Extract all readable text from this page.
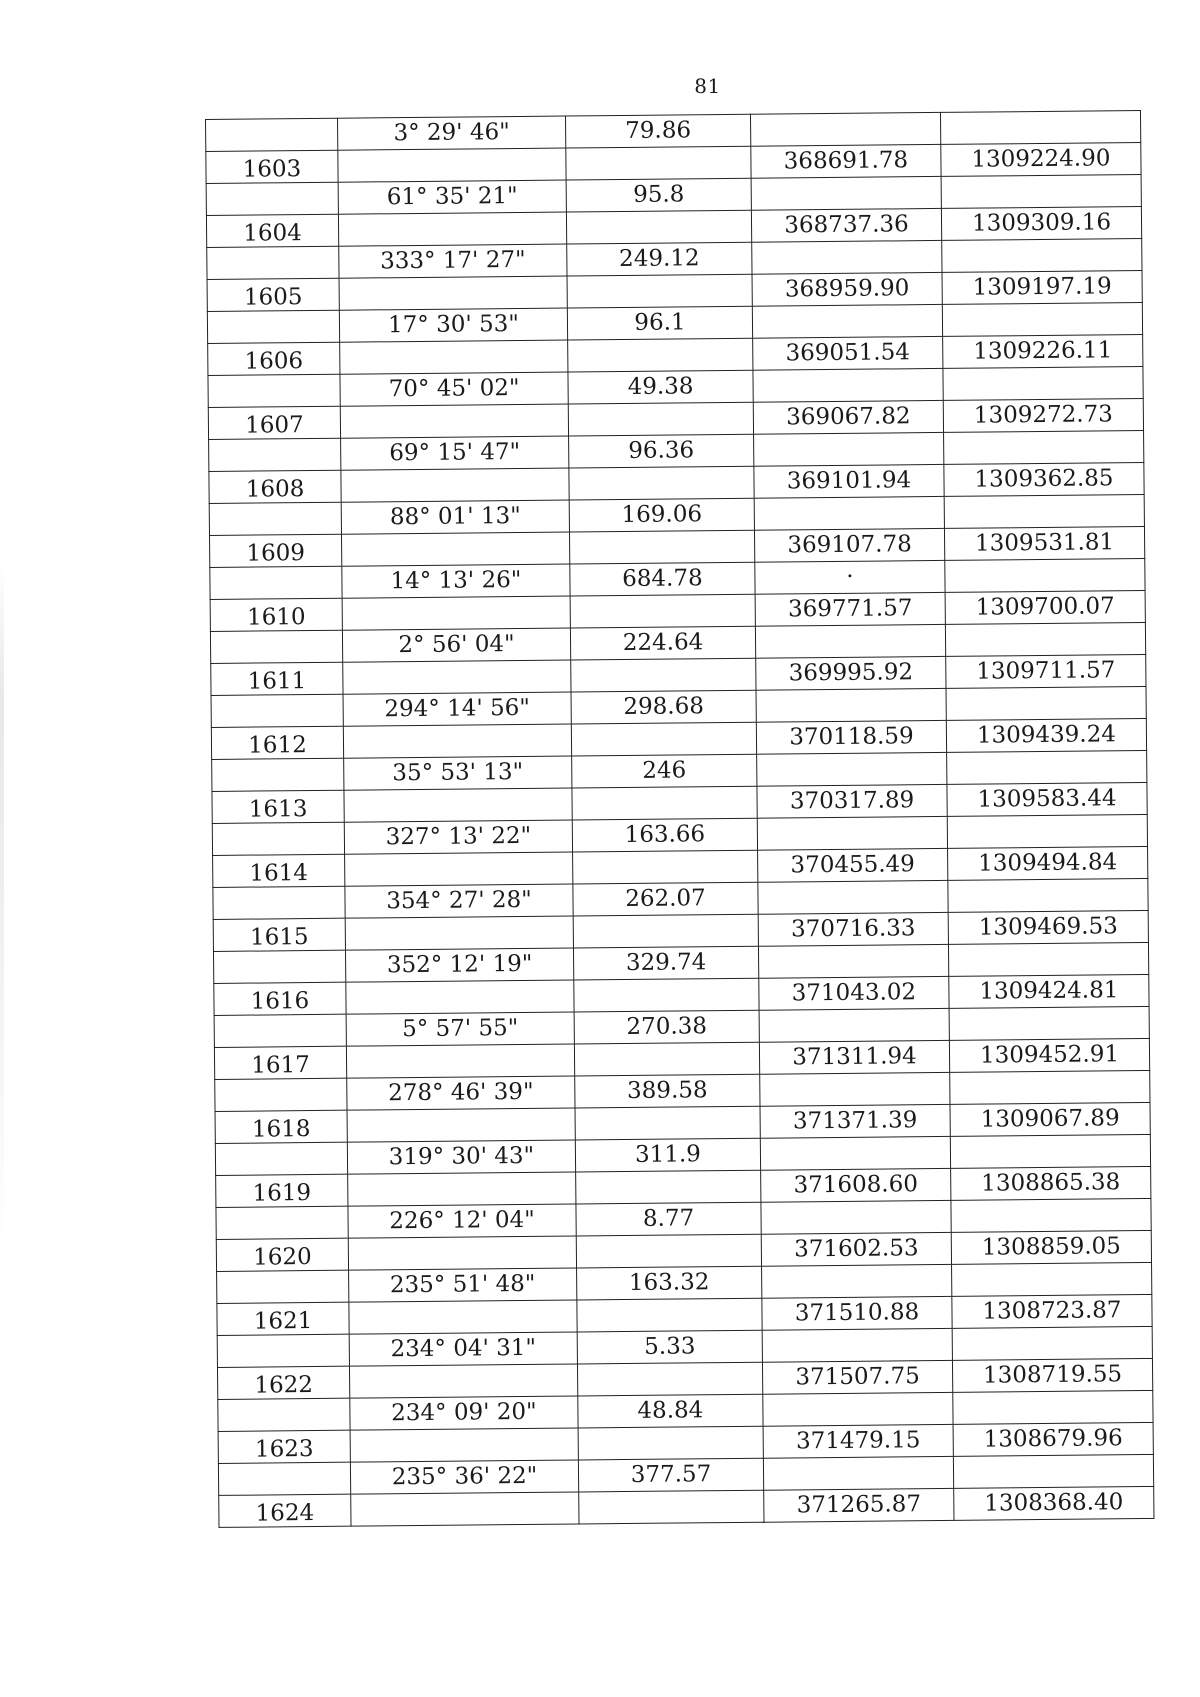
81
	3° 29' 46"	79.86		
1603			368691.78	1309224.90
	61° 35' 21"	95.8		
1604			368737.36	1309309.16
	333° 17' 27"	249.12		
1605			368959.90	1309197.19
	17° 30' 53"	96.1		
1606			369051.54	1309226.11
	70° 45' 02"	49.38		
1607			369067.82	1309272.73
	69° 15' 47"	96.36		
1608			369101.94	1309362.85
	88° 01' 13"	169.06		
1609			369107.78	1309531.81
	14° 13' 26"	684.78	·	
1610			369771.57	1309700.07
	2° 56' 04"	224.64		
1611			369995.92	1309711.57
	294° 14' 56"	298.68		
1612			370118.59	1309439.24
	35° 53' 13"	246		
1613			370317.89	1309583.44
	327° 13' 22"	163.66		
1614			370455.49	1309494.84
	354° 27' 28"	262.07		
1615			370716.33	1309469.53
	352° 12' 19"	329.74		
1616			371043.02	1309424.81
	5° 57' 55"	270.38		
1617			371311.94	1309452.91
	278° 46' 39"	389.58		
1618			371371.39	1309067.89
	319° 30' 43"	311.9		
1619			371608.60	1308865.38
	226° 12' 04"	8.77		
1620			371602.53	1308859.05
	235° 51' 48"	163.32		
1621			371510.88	1308723.87
	234° 04' 31"	5.33		
1622			371507.75	1308719.55
	234° 09' 20"	48.84		
1623			371479.15	1308679.96
	235° 36' 22"	377.57		
1624			371265.87	1308368.40
